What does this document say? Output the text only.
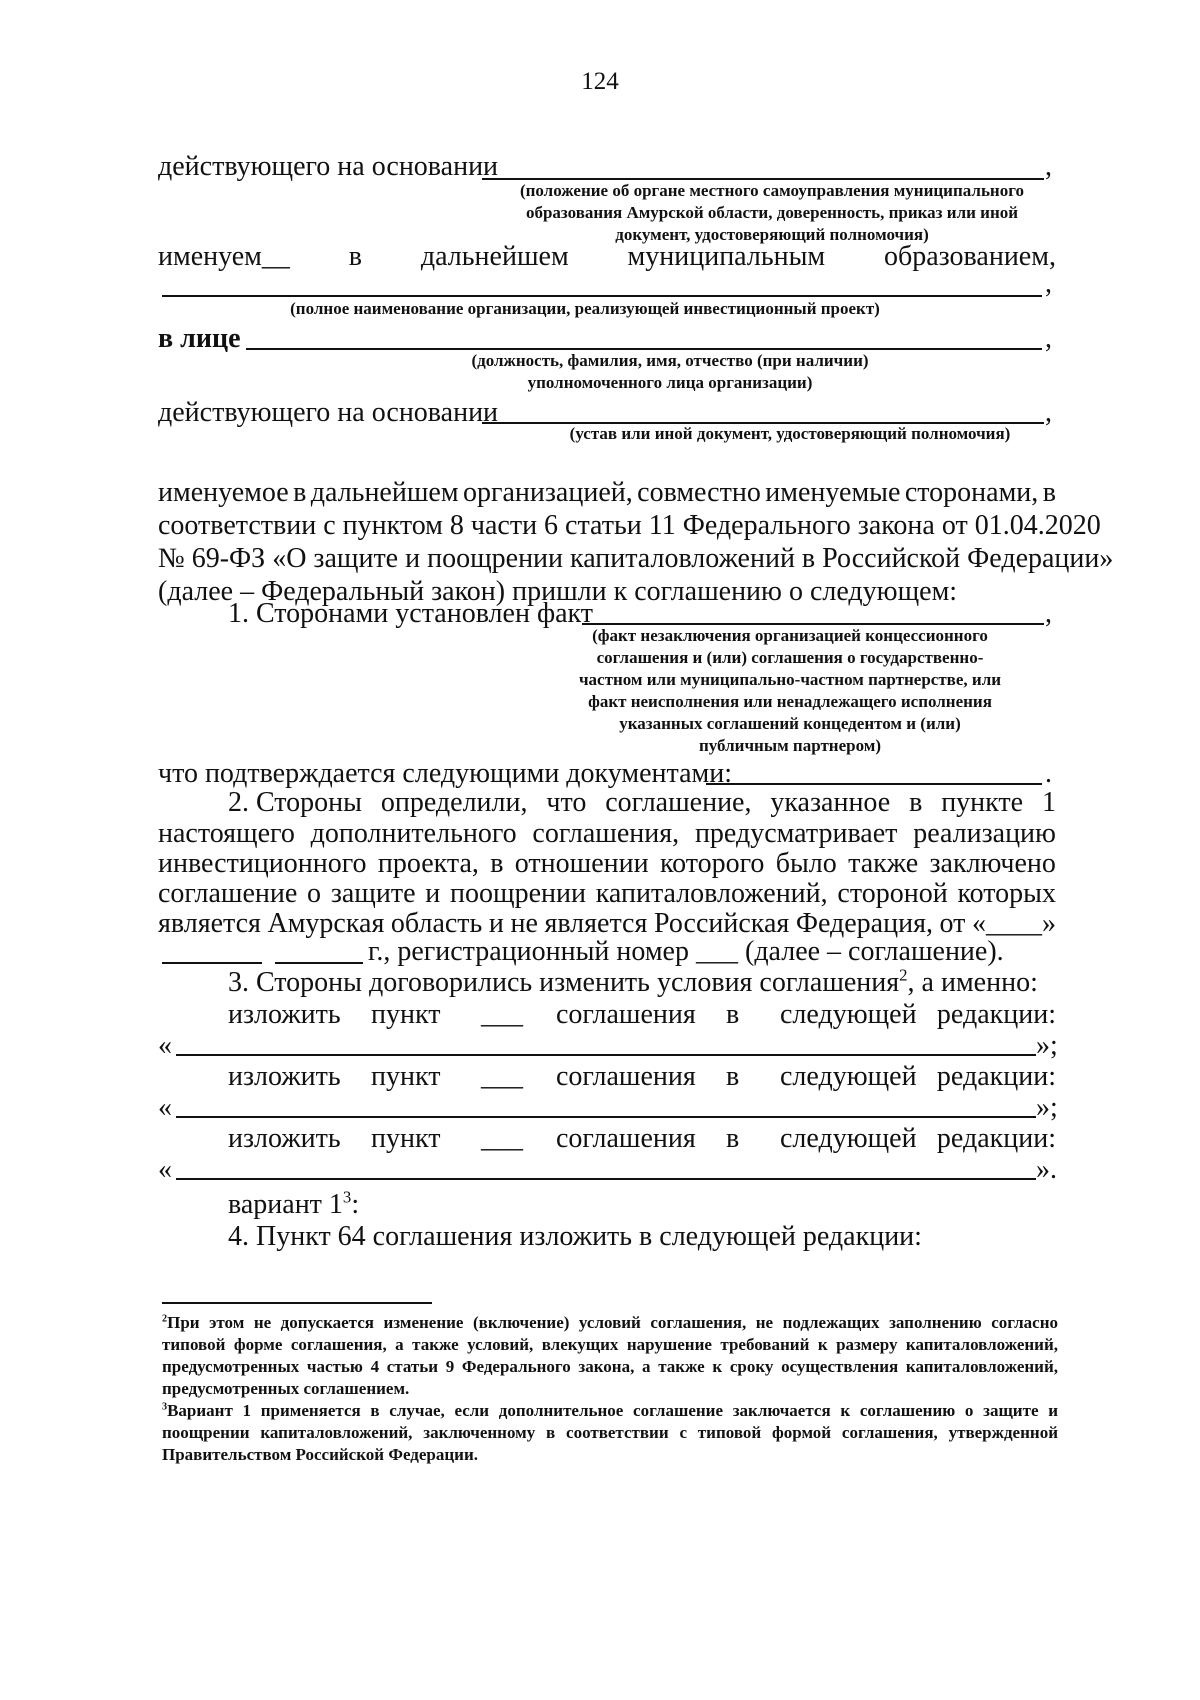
124
действующего на основании	,
(положение об органе местного самоуправления муниципального
образования Амурской области, доверенность, приказ или иной
документ, удостоверяющий полномочия)
именуем__ в дальнейшем муниципальным образованием,
,
(полное наименование организации, реализующей инвестиционный проект)
в лице	,
(должность, фамилия, имя, отчество (при наличии)
уполномоченного лица организации)
действующего на основании	,
(устав или иной документ, удостоверяющий полномочия)
именуемое в дальнейшем организацией, совместно именуемые сторонами, в
соответствии с пунктом 8 части 6 статьи 11 Федерального закона от 01.04.2020
№ 69-ФЗ «О защите и поощрении капиталовложений в Российской Федерации»
(далее – Федеральный закон) пришли к соглашению о следующем:
1. Сторонами установлен факт	,
(факт незаключения организацией концессионного
соглашения и (или) соглашения о государственно-
частном или муниципально-частном партнерстве, или
факт неисполнения или ненадлежащего исполнения
указанных соглашений концедентом и (или)
публичным партнером)
что подтверждается следующими документами:	.
2. Стороны определили, что соглашение, указанное в пункте 1
настоящего дополнительного соглашения, предусматривает реализацию
инвестиционного проекта, в отношении которого было также заключено
соглашение о защите и поощрении капиталовложений, стороной которых
является Амурская область и не является Российская Федерация, от «____»
г., регистрационный номер ___ (далее – соглашение).
3. Стороны договорились изменить условия соглашения$^2$, а именно:
изложить пункт ___ соглашения в следующей редакции:
«	»;
изложить пункт ___ соглашения в следующей редакции:
«	»;
изложить пункт ___ соглашения в следующей редакции:
«	».
вариант $1^3$:
4. Пункт 64 соглашения изложить в следующей редакции:
$^2$При этом не допускается изменение (включение) условий соглашения, не подлежащих заполнению согласно типовой форме соглашения, а также условий, влекущих нарушение требований к размеру капиталовложений, предусмотренных частью 4 статьи 9 Федерального закона, а также к сроку осуществления капиталовложений, предусмотренных соглашением.
$^3$Вариант 1 применяется в случае, если дополнительное соглашение заключается к соглашению о защите и поощрении капиталовложений, заключенному в соответствии с типовой формой соглашения, утвержденной Правительством Российской Федерации.
